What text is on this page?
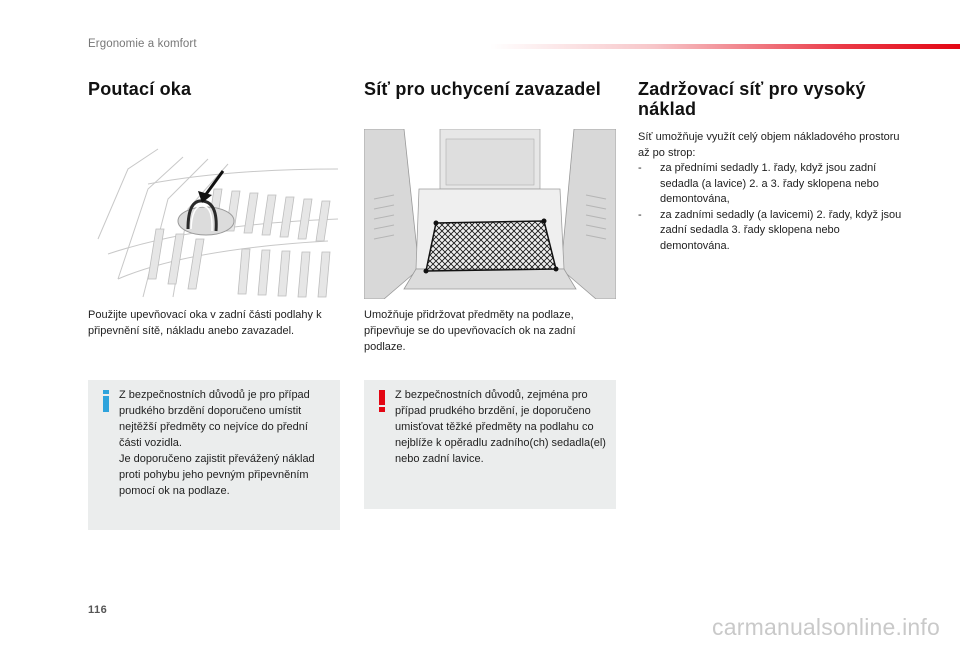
Ergonomie a komfort
Poutací oka

Použijte upevňovací oka v zadní části podlahy k připevnění sítě, nákladu anebo zavazadel.

Z bezpečnostních důvodů je pro případ prudkého brzdění doporučeno umístit nejtěžší předměty co nejvíce do přední části vozidla.
Je doporučeno zajistit převážený náklad proti pohybu jeho pevným připevněním pomocí ok na podlaze.

Síť pro uchycení zavazadel

Umožňuje přidržovat předměty na podlaze, připevňuje se do upevňovacích ok na zadní podlaze.

Z bezpečnostních důvodů, zejména pro případ prudkého brzdění, je doporučeno umisťovat těžké předměty na podlahu co nejblíže k opěradlu zadního(ch) sedadla(el) nebo zadní lavice.

Zadržovací síť pro vysoký náklad

Síť umožňuje využít celý objem nákladového prostoru až po strop:

- za předními sedadly 1. řady, když jsou zadní sedadla (a lavice) 2. a 3. řady sklopena nebo demontována,
- za zadními sedadly (a lavicemi) 2. řady, když jsou zadní sedadla 3. řady sklopena nebo demontována.
116
carmanualsonline.info
